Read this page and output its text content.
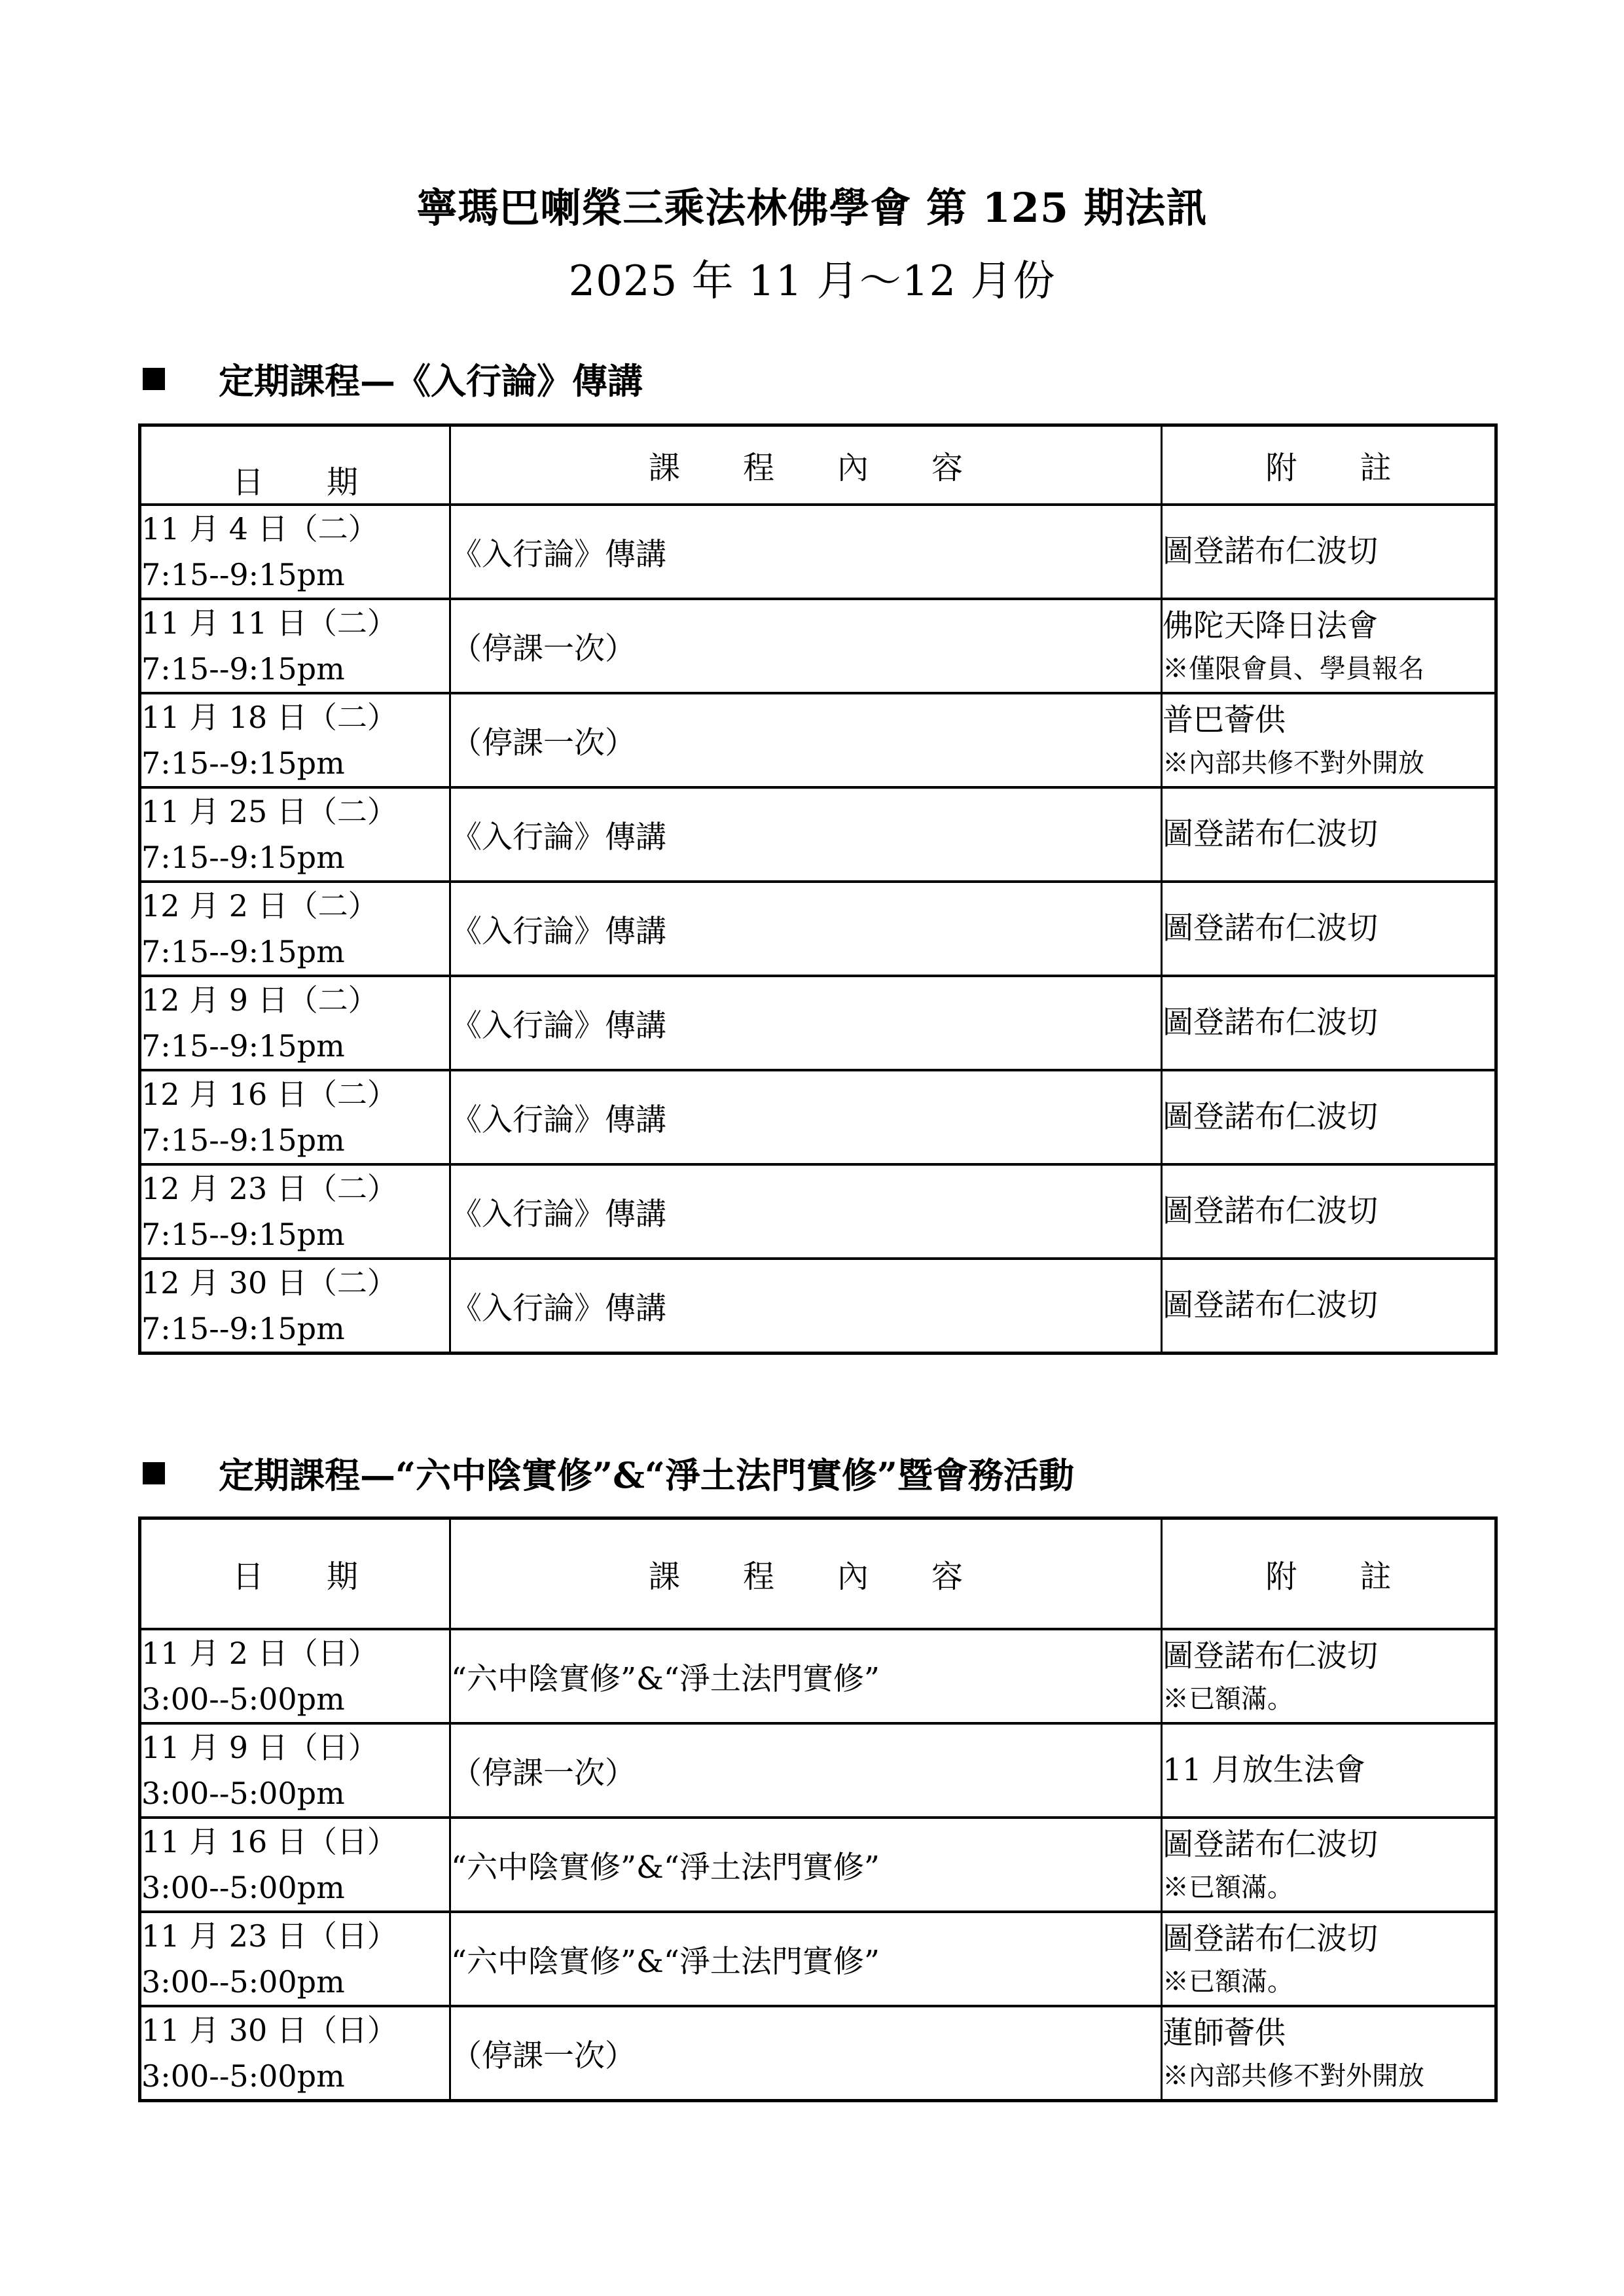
寧瑪巴喇榮三乘法林佛學會 第 125 期法訊
2025 年 11 月～12 月份
定期課程—《入行論》傳講
日　　期	課　　程　　內　　容	附　　註

11 月 4 日（二）
7:15--9:15pm	《入行論》傳講	圖登諾布仁波切

11 月 11 日（二）
7:15--9:15pm	（停課一次）	佛陀天降日法會
※僅限會員、學員報名

11 月 18 日（二）
7:15--9:15pm	（停課一次）	普巴薈供
※內部共修不對外開放

11 月 25 日（二）
7:15--9:15pm	《入行論》傳講	圖登諾布仁波切

12 月 2 日（二）
7:15--9:15pm	《入行論》傳講	圖登諾布仁波切

12 月 9 日（二）
7:15--9:15pm	《入行論》傳講	圖登諾布仁波切

12 月 16 日（二）
7:15--9:15pm	《入行論》傳講	圖登諾布仁波切

12 月 23 日（二）
7:15--9:15pm	《入行論》傳講	圖登諾布仁波切

12 月 30 日（二）
7:15--9:15pm	《入行論》傳講	圖登諾布仁波切
定期課程—“六中陰實修”&“淨土法門實修”暨會務活動
日　　期	課　　程　　內　　容	附　　註

11 月 2 日（日）
3:00--5:00pm	“六中陰實修”&“淨土法門實修”	圖登諾布仁波切
※已額滿。

11 月 9 日（日）
3:00--5:00pm	（停課一次）	11 月放生法會

11 月 16 日（日）
3:00--5:00pm	“六中陰實修”&“淨土法門實修”	圖登諾布仁波切
※已額滿。

11 月 23 日（日）
3:00--5:00pm	“六中陰實修”&“淨土法門實修”	圖登諾布仁波切
※已額滿。

11 月 30 日（日）
3:00--5:00pm	（停課一次）	蓮師薈供
※內部共修不對外開放
